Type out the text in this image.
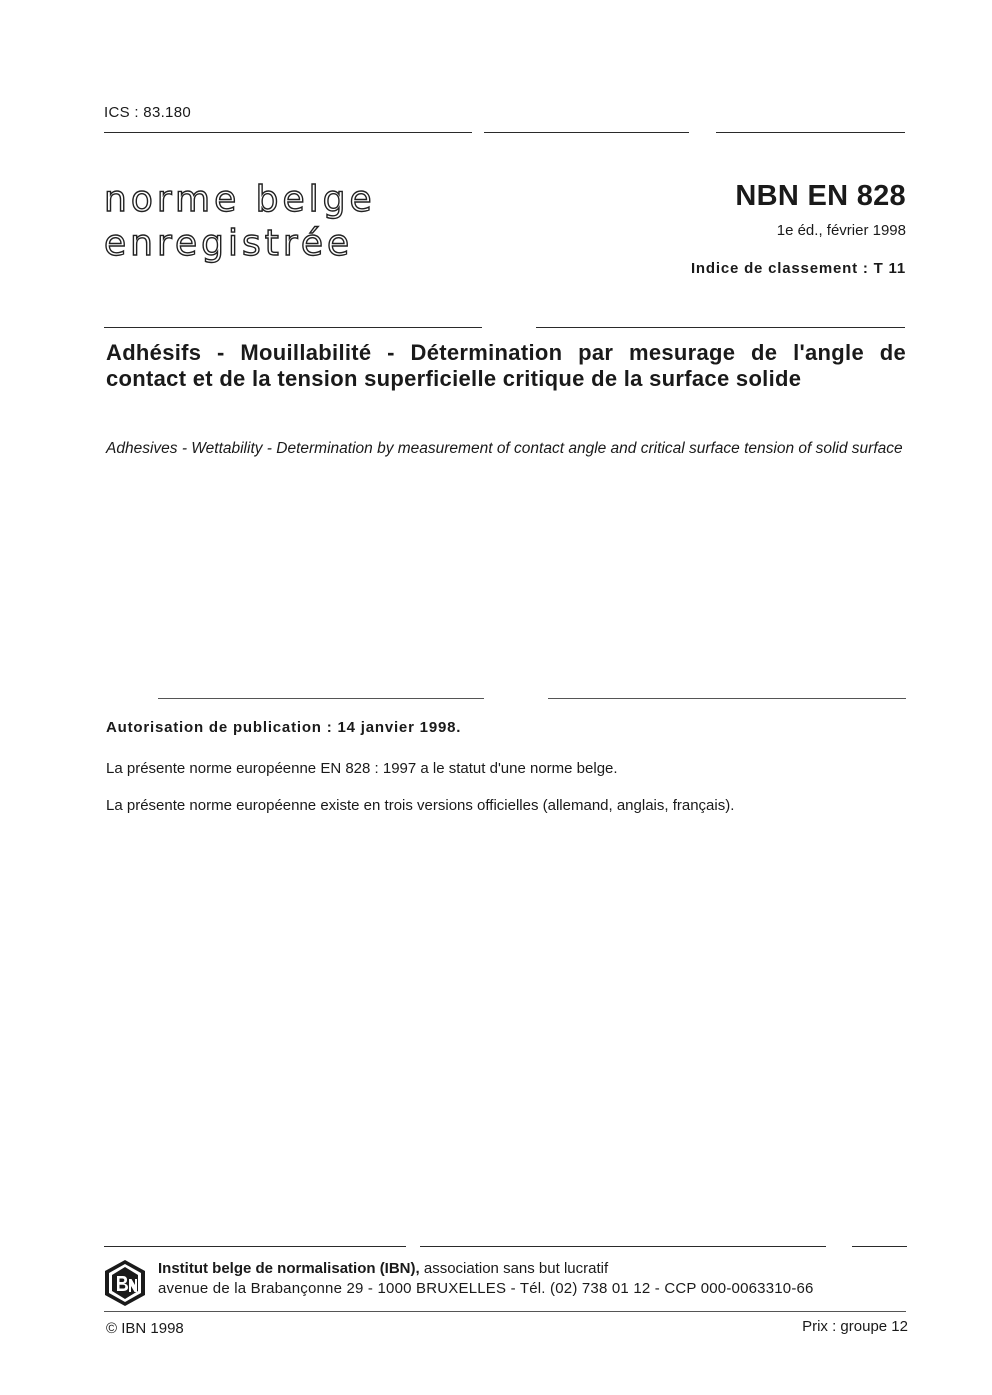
ICS : 83.180
norme belge
enregistrée
NBN EN 828
1e éd., février 1998
Indice de classement : T 11
Adhésifs - Mouillabilité - Détermination par mesurage de l'angle de contact et de la tension superficielle critique de la surface solide
Adhesives - Wettability - Determination by measurement of contact angle and critical surface tension of solid surface
Autorisation de publication : 14 janvier 1998.
La présente norme européenne EN 828 : 1997 a le statut d'une norme belge.
La présente norme européenne existe en trois versions officielles (allemand, anglais, français).
Institut belge de normalisation (IBN), association sans but lucratif
avenue de la Brabançonne 29 - 1000 BRUXELLES - Tél. (02) 738 01 12 - CCP 000-0063310-66
© IBN 1998	Prix : groupe 12
